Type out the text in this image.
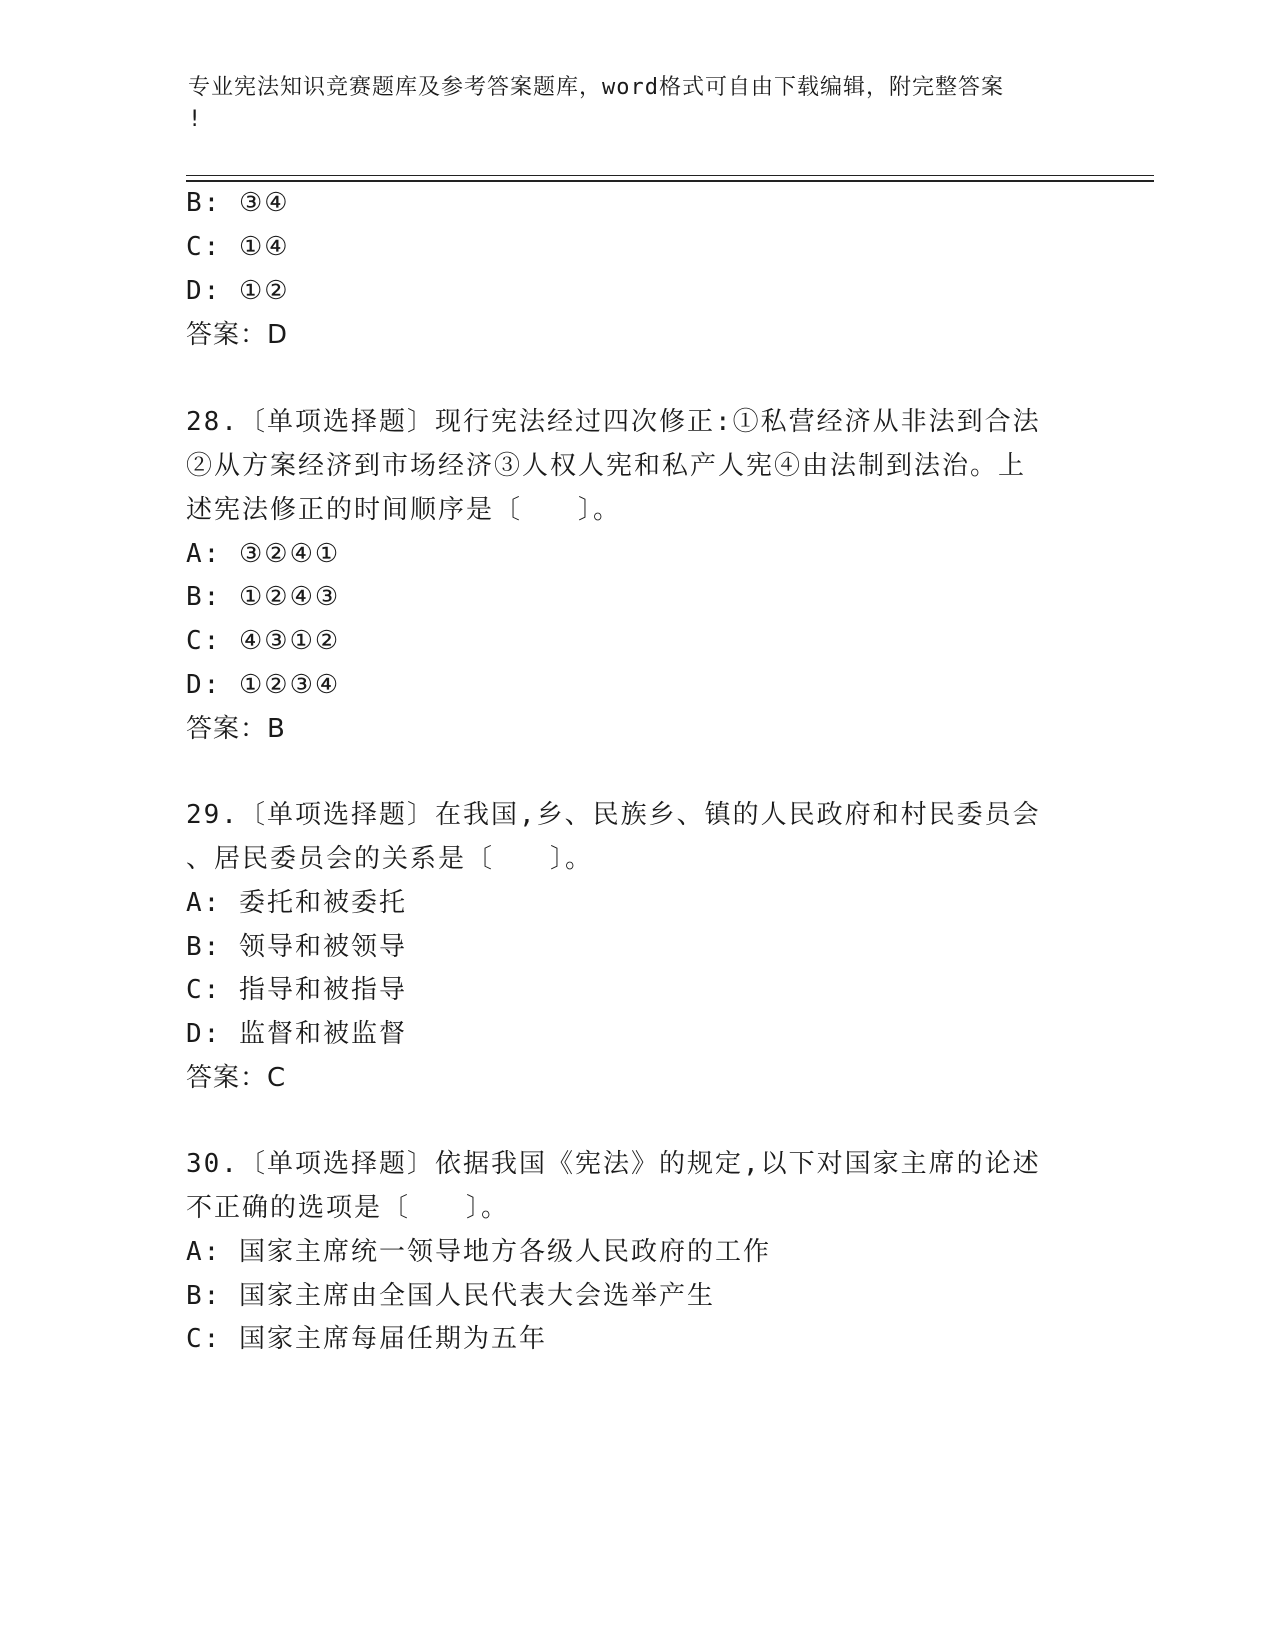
专业宪法知识竞赛题库及参考答案题库，word格式可自由下载编辑，附完整答案
!
B: ③④
C: ①④
D: ①②
答案：D
28.〔单项选择题〕现行宪法经过四次修正:①私营经济从非法到合法
②从方案经济到市场经济③人权人宪和私产人宪④由法制到法治。上
述宪法修正的时间顺序是〔　　〕。
A: ③②④①
B: ①②④③
C: ④③①②
D: ①②③④
答案：B
29.〔单项选择题〕在我国,乡、民族乡、镇的人民政府和村民委员会
、居民委员会的关系是〔　　〕。
A: 委托和被委托
B: 领导和被领导
C: 指导和被指导
D: 监督和被监督
答案：C
30.〔单项选择题〕依据我国《宪法》的规定,以下对国家主席的论述
不正确的选项是〔　　〕。
A: 国家主席统一领导地方各级人民政府的工作
B: 国家主席由全国人民代表大会选举产生
C: 国家主席每届任期为五年
